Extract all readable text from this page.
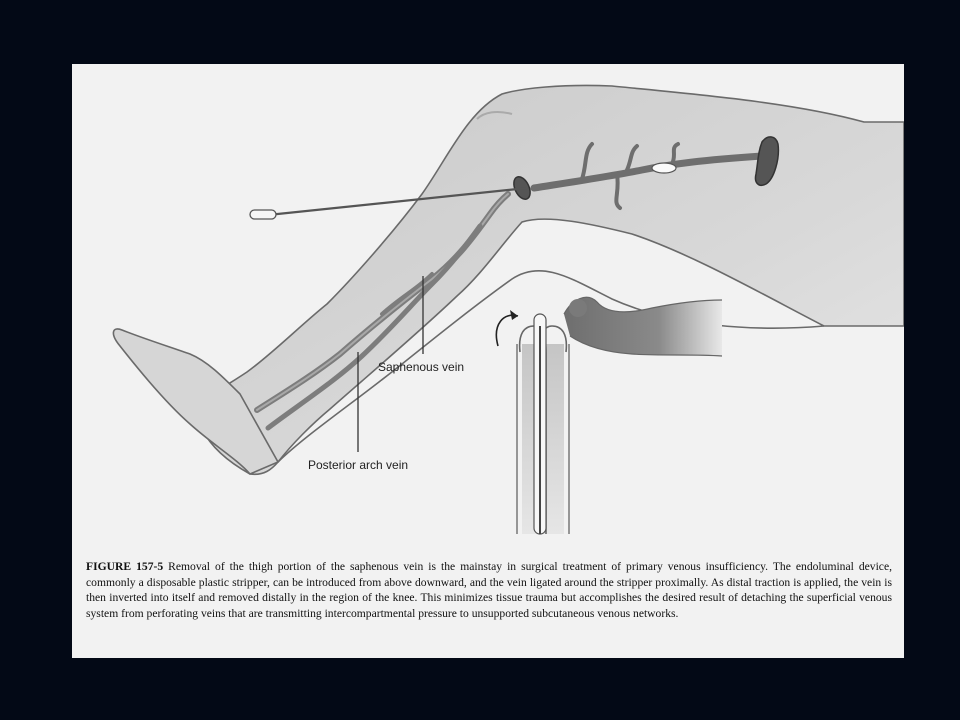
Saphenous vein
Posterior arch vein
FIGURE 157-5 Removal of the thigh portion of the saphenous vein is the mainstay in surgical treatment of primary venous insufficiency. The endoluminal device, commonly a disposable plastic stripper, can be introduced from above downward, and the vein ligated around the stripper proximally. As distal traction is applied, the vein is then inverted into itself and removed distally in the region of the knee. This minimizes tissue trauma but accomplishes the desired result of detaching the superficial venous system from perforating veins that are transmitting intercompartmental pressure to unsupported subcutaneous venous networks.
